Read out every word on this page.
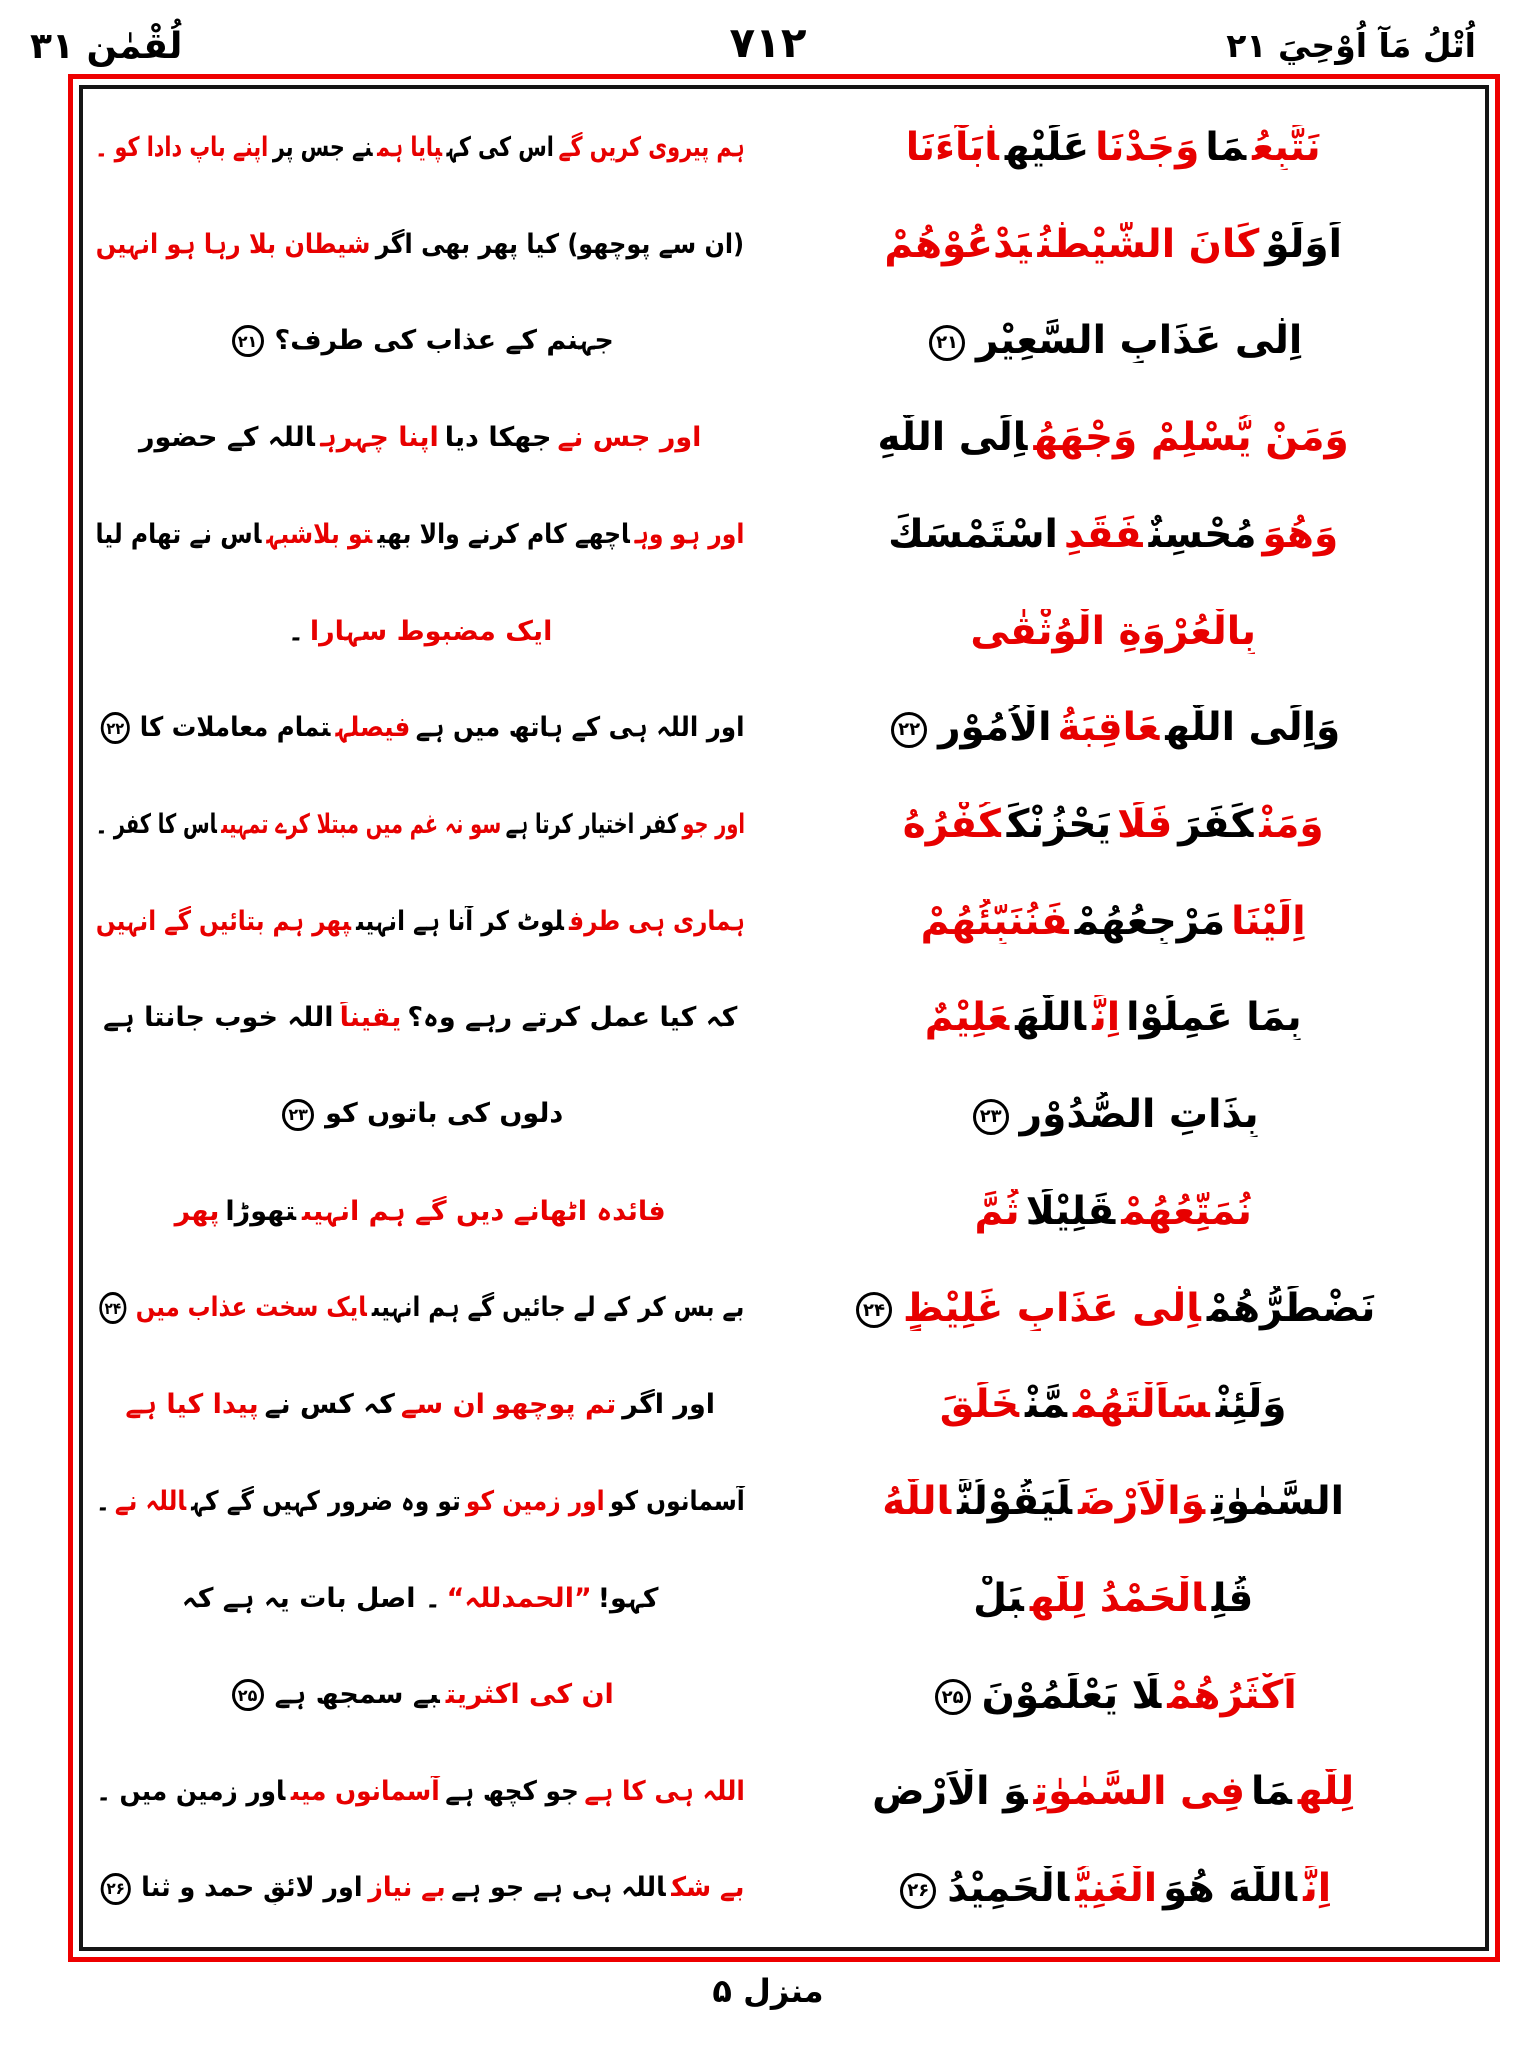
لُقْمٰن ۳۱	۷۱۲	اُتْلُ مَآ اُوْحِيَ ۲۱
ہم پیروی کریں گےاس کی کہپایا ہمنے جس پراپنے باپ دادا کو ۔	نَتَّبِعُمَاوَجَدْنَاعَلَيْهِاٰبَآءَنَا
(ان سے پوچھو) کیا پھر بھی اگرشیطان بلا رہا ہو انہیں	اَوَلَوْكَانَ الشَّيْطٰنُيَدْعُوْهُمْ
جہنم کے عذاب کی طرف؟۲۱	اِلٰى عَذَابِ السَّعِيْرِ۲۱
اور جس نےجھکا دیااپنا چہرہاللہ کے حضور	وَمَنْ يُّسْلِمْ وَجْهَهُاِلَى اللّٰهِ
اور ہو وہاچھے کام کرنے والا بھیتو بلاشبہاس نے تھام لیا	وَهُوَمُحْسِنٌفَقَدِاسْتَمْسَكَ
ایک مضبوط سہارا۔	بِالْعُرْوَةِ الْوُثْقٰى
اور اللہ ہی کے ہاتھ میں ہےفیصلہتمام معاملات کا۲۲	وَاِلَى اللّٰهِعَاقِبَةُالْاُمُوْرِ۲۲
اور جوکفر اختیار کرتا ہےسو نہ غم میں مبتلا کرے تمہیںاس کا کفر ۔	وَمَنْكَفَرَفَلَايَحْزُنْكَكُفْرُهُ
ہماری ہی طرفلوٹ کر آنا ہے انہیںپھر ہم بتائیں گے انہیں	اِلَيْنَامَرْجِعُهُمْفَنُنَبِّئُهُمْ
کہ کیا عمل کرتے رہے وہ؟یقیناًاللہ خوب جانتا ہے	بِمَا عَمِلُوْااِنَّاللّٰهَعَلِيْمٌ
دلوں کی باتوں کو۲۳	بِذَاتِ الصُّدُوْرِ۲۳
فائدہ اٹھانے دیں گے ہم انہیںتھوڑاپھر	نُمَتِّعُهُمْقَلِيْلًاثُمَّ
بے بس کر کے لے جائیں گے ہم انہیںایک سخت عذاب میں۲۴	نَضْطَرُّهُمْاِلٰى عَذَابٍ غَلِيْظٍ۲۴
اور اگرتم پوچھو ان سےکہ کس نےپیدا کیا ہے	وَلَئِنْسَاَلْتَهُمْمَّنْخَلَقَ
آسمانوں کواور زمین کوتو وہ ضرور کہیں گے کہاللہ نے۔	السَّمٰوٰتِوَالْاَرْضَلَيَقُوْلُنَّاللّٰهُ
کہو!”الحمدللہ“۔ اصل بات یہ ہے کہ	قُلِالْحَمْدُ لِلّٰهِبَلْ
ان کی اکثریتبے سمجھ ہے۲۵	اَكْثَرُهُمْلَا يَعْلَمُوْنَ۲۵
اللہ ہی کا ہےجو کچھ ہےآسمانوں میںاور زمین میں ۔	لِلّٰهِمَافِی السَّمٰوٰتِوَ الْاَرْضِ
بے شکاللہ ہی ہے جو ہےبے نیازاور لائقِ حمد و ثنا۲۶	اِنَّاللّٰهَ هُوَالْغَنِيُّالْحَمِيْدُ۲۶
منزل ۵
